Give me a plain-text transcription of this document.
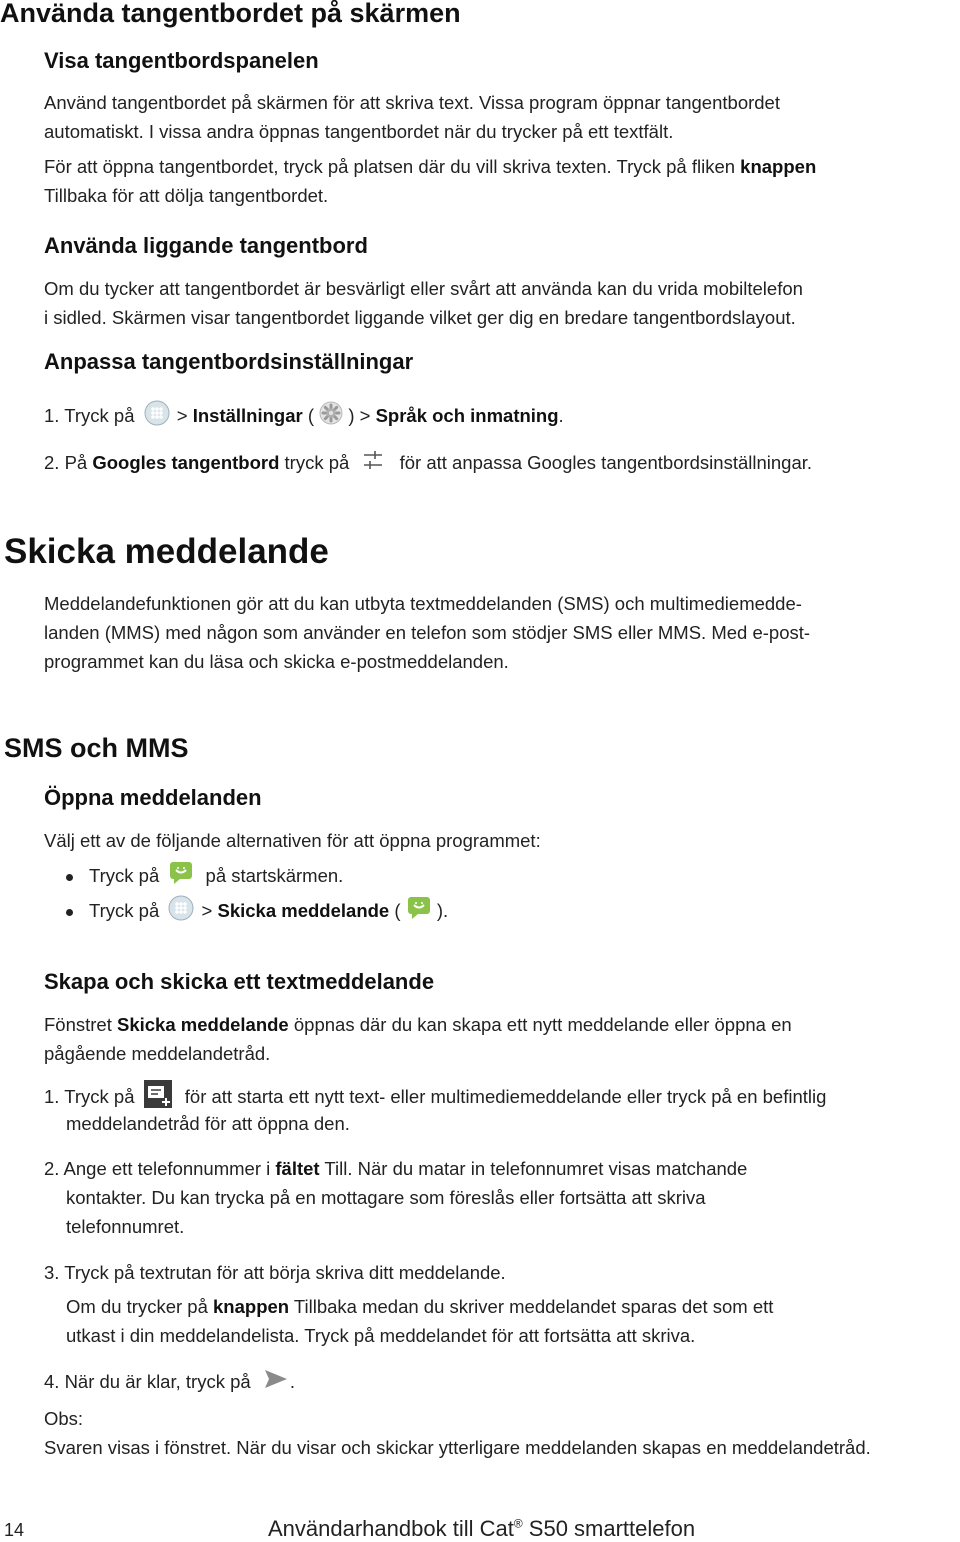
Använda tangentbordet på skärmen
Visa tangentbordspanelen
Använd tangentbordet på skärmen för att skriva text. Vissa program öppnar tangentbordet
automatiskt. I vissa andra öppnas tangentbordet när du trycker på ett textfält.
För att öppna tangentbordet, tryck på platsen där du vill skriva texten. Tryck på fliken knappen
Tillbaka för att dölja tangentbordet.
Använda liggande tangentbord
Om du tycker att tangentbordet är besvärligt eller svårt att använda kan du vrida mobiltelefon
i sidled. Skärmen visar tangentbordet liggande vilket ger dig en bredare tangentbordslayout.
Anpassa tangentbordsinställningar
1. Tryck på  > Inställningar ( ) > Språk och inmatning.
2. På Googles tangentbord tryck på	för att anpassa Googles tangentbordsinställningar.
Skicka meddelande
Meddelandefunktionen gör att du kan utbyta textmeddelanden (SMS) och multimediemedde-
landen (MMS) med någon som använder en telefon som stödjer SMS eller MMS. Med e-post-
programmet kan du läsa och skicka e-postmeddelanden.
SMS och MMS
Öppna meddelanden
Välj ett av de följande alternativen för att öppna programmet:
Tryck på	på startskärmen.
Tryck på  > Skicka meddelande ( ).
Skapa och skicka ett textmeddelande
Fönstret Skicka meddelande öppnas där du kan skapa ett nytt meddelande eller öppna en
pågående meddelandetråd.
1. Tryck på	för att starta ett nytt text- eller multimediemeddelande eller tryck på en befintlig
meddelandetråd för att öppna den.
2. Ange ett telefonnummer i fältet Till. När du matar in telefonnumret visas matchande
kontakter. Du kan trycka på en mottagare som föreslås eller fortsätta att skriva
telefonnumret.
3. Tryck på textrutan för att börja skriva ditt meddelande.
Om du trycker på knappen Tillbaka medan du skriver meddelandet sparas det som ett
utkast i din meddelandelista. Tryck på meddelandet för att fortsätta att skriva.
4. När du är klar, tryck på .
Obs:
Svaren visas i fönstret. När du visar och skickar ytterligare meddelanden skapas en meddelandetråd.
14	Användarhandbok till Cat® S50 smarttelefon
